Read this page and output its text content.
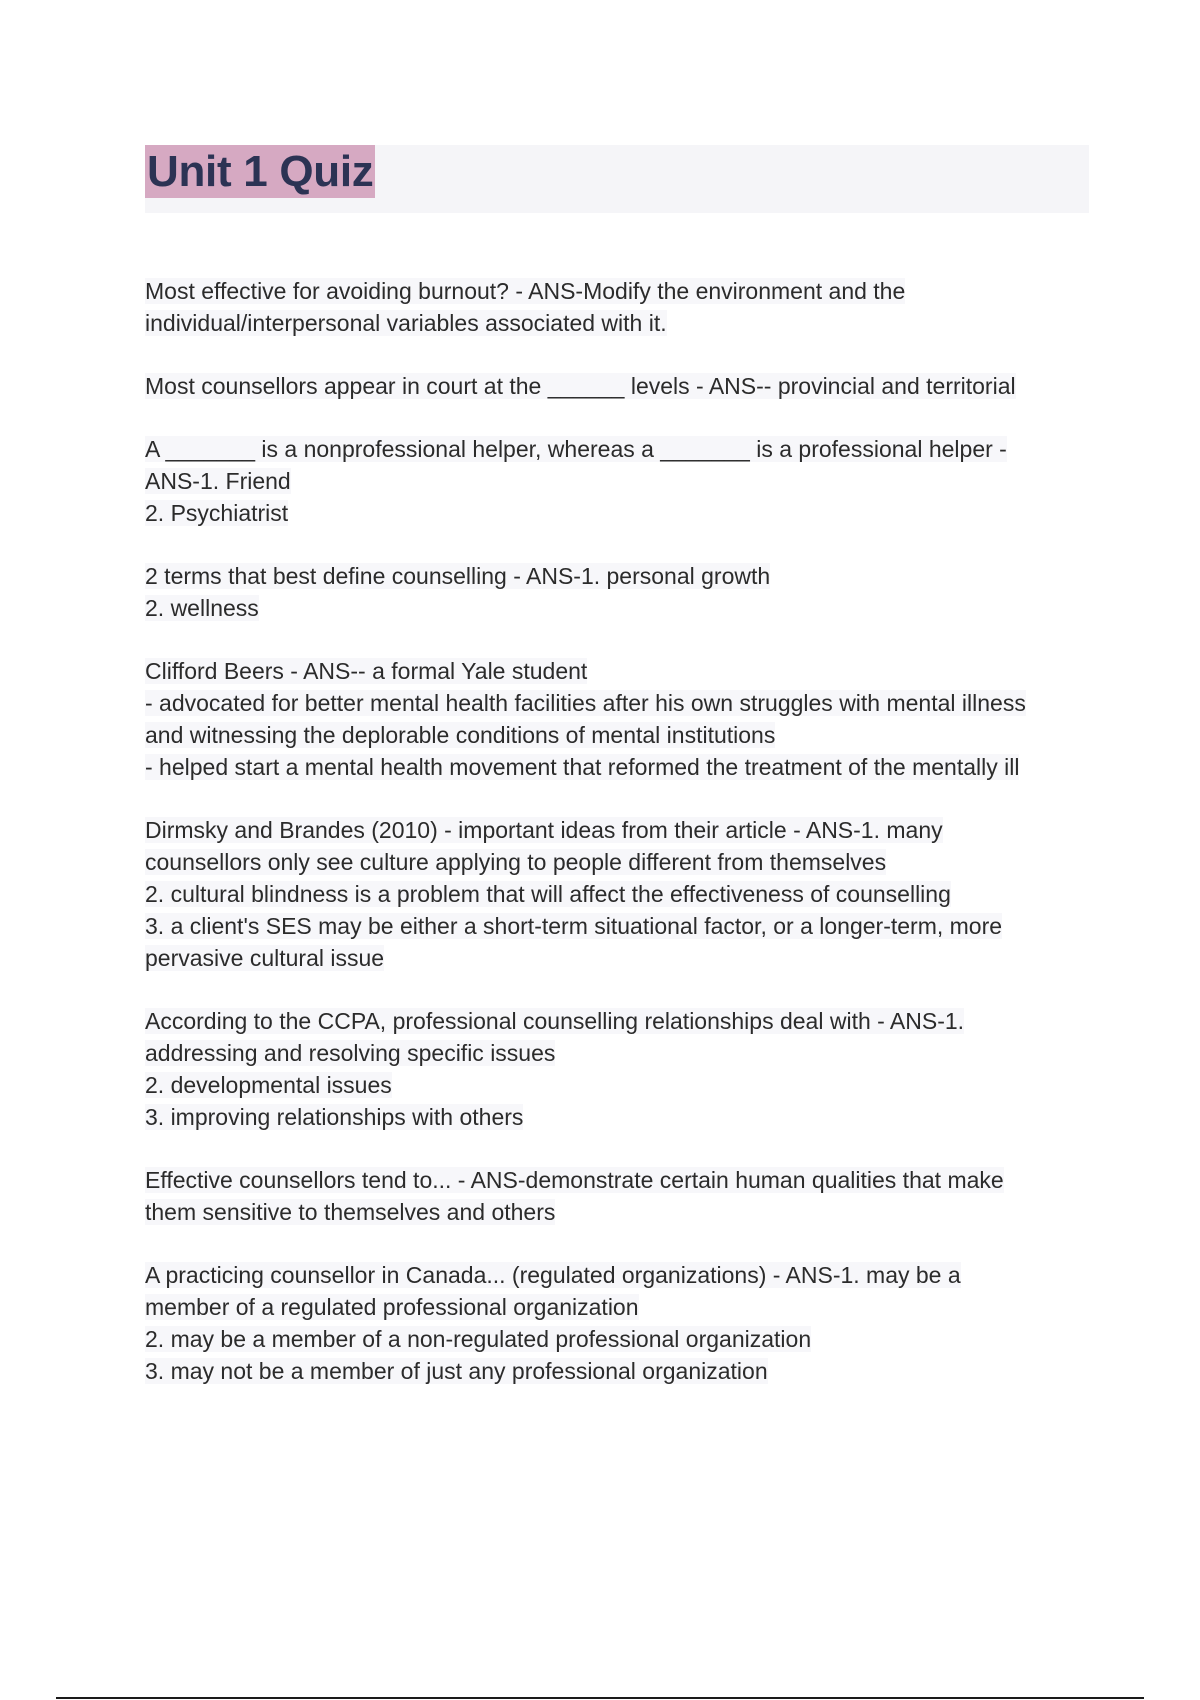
Unit 1 Quiz
Most effective for avoiding burnout? - ANS-Modify the environment and the
individual/interpersonal variables associated with it.
Most counsellors appear in court at the ______ levels - ANS-- provincial and territorial
A _______ is a nonprofessional helper, whereas a _______ is a professional helper -
ANS-1. Friend
2. Psychiatrist
2 terms that best define counselling - ANS-1. personal growth
2. wellness
Clifford Beers - ANS-- a formal Yale student
- advocated for better mental health facilities after his own struggles with mental illness
and witnessing the deplorable conditions of mental institutions
- helped start a mental health movement that reformed the treatment of the mentally ill
Dirmsky and Brandes (2010) - important ideas from their article - ANS-1. many
counsellors only see culture applying to people different from themselves
2. cultural blindness is a problem that will affect the effectiveness of counselling
3. a client's SES may be either a short-term situational factor, or a longer-term, more
pervasive cultural issue
According to the CCPA, professional counselling relationships deal with - ANS-1.
addressing and resolving specific issues
2. developmental issues
3. improving relationships with others
Effective counsellors tend to... - ANS-demonstrate certain human qualities that make
them sensitive to themselves and others
A practicing counsellor in Canada... (regulated organizations) - ANS-1. may be a
member of a regulated professional organization
2. may be a member of a non-regulated professional organization
3. may not be a member of just any professional organization
